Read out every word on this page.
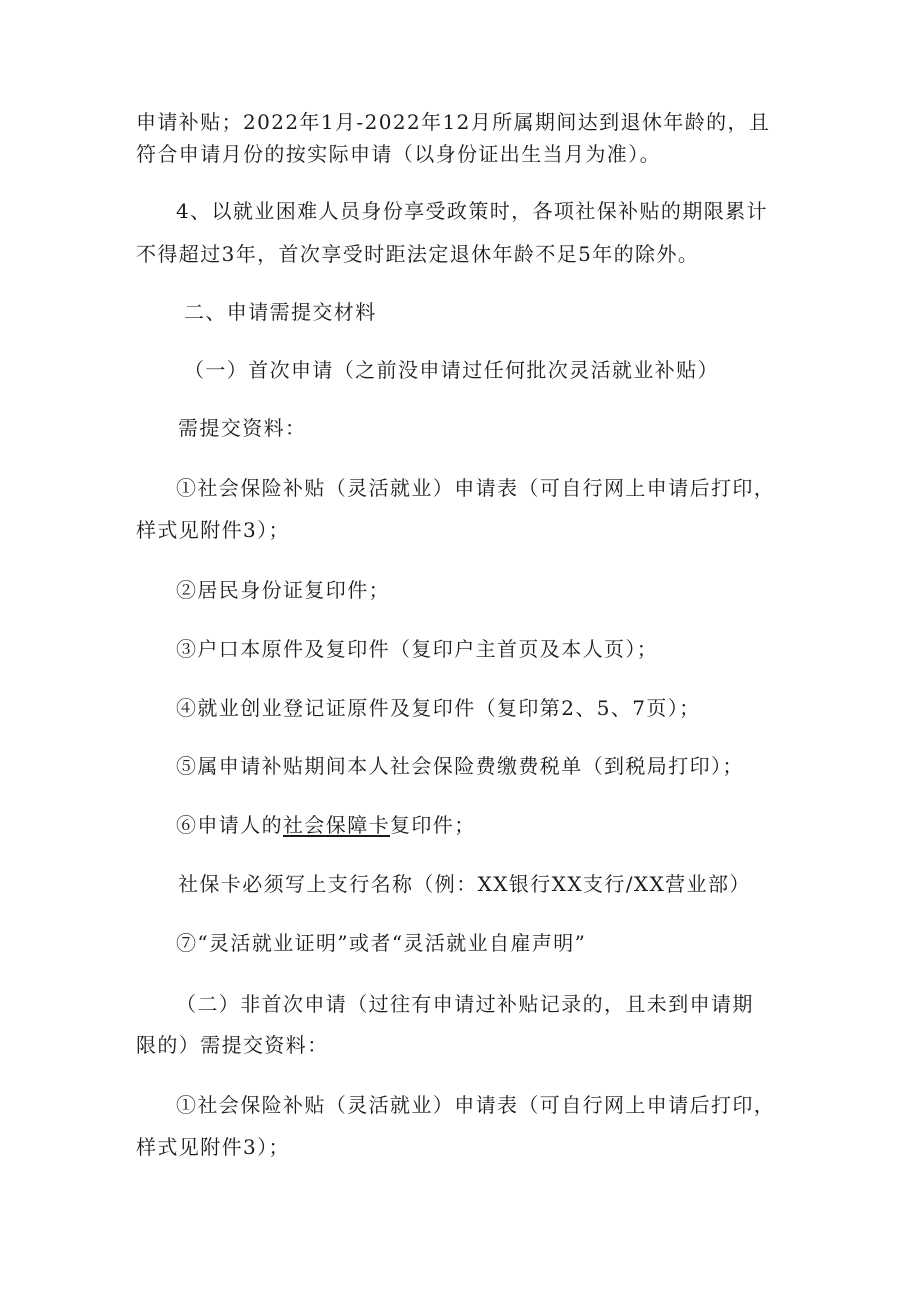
申请补贴；2022年1月-2022年12月所属期间达到退休年龄的，且
符合申请月份的按实际申请（以身份证出生当月为准）。
4、以就业困难人员身份享受政策时，各项社保补贴的期限累计
不得超过3年，首次享受时距法定退休年龄不足5年的除外。
二、申请需提交材料
（一）首次申请（之前没申请过任何批次灵活就业补贴）
需提交资料：
①社会保险补贴（灵活就业）申请表（可自行网上申请后打印，
样式见附件3）；
②居民身份证复印件；
③户口本原件及复印件（复印户主首页及本人页）；
④就业创业登记证原件及复印件（复印第2、5、7页）；
⑤属申请补贴期间本人社会保险费缴费税单（到税局打印）；
⑥申请人的社会保障卡复印件；
社保卡必须写上支行名称（例：XX银行XX支行/XX营业部）
⑦“灵活就业证明”或者“灵活就业自雇声明”
（二）非首次申请（过往有申请过补贴记录的，且未到申请期
限的）需提交资料：
①社会保险补贴（灵活就业）申请表（可自行网上申请后打印，
样式见附件3）；
